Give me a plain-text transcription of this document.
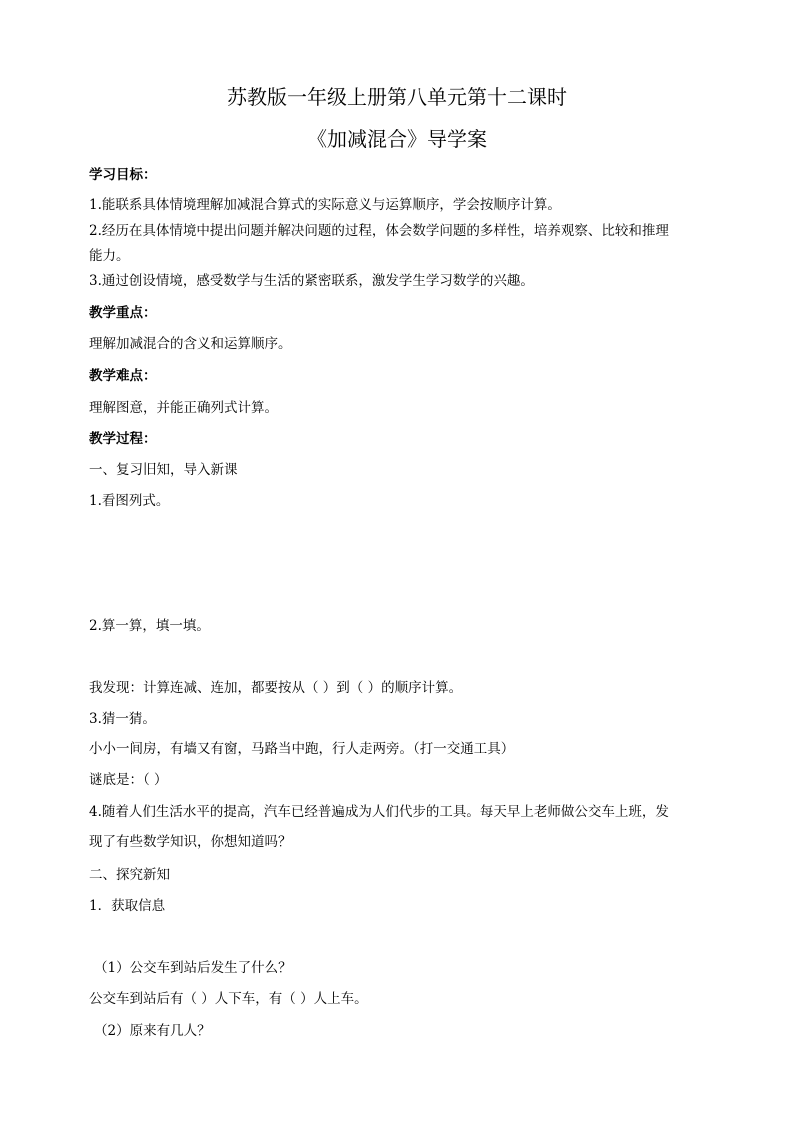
苏教版一年级上册第八单元第十二课时
《加减混合》导学案
学习目标：
1.能联系具体情境理解加减混合算式的实际意义与运算顺序，学会按顺序计算。
2.经历在具体情境中提出问题并解决问题的过程，体会数学问题的多样性，培养观察、比较和推理
能力。
3.通过创设情境，感受数学与生活的紧密联系，激发学生学习数学的兴趣。
教学重点：
理解加减混合的含义和运算顺序。
教学难点：
理解图意，并能正确列式计算。
教学过程：
一、复习旧知，导入新课
1.看图列式。
2.算一算，填一填。
我发现：计算连减、连加，都要按从（ ）到（ ）的顺序计算。
3.猜一猜。
小小一间房，有墙又有窗，马路当中跑，行人走两旁。（打一交通工具）
谜底是：（ ）
4.随着人们生活水平的提高，汽车已经普遍成为人们代步的工具。每天早上老师做公交车上班，发
现了有些数学知识，你想知道吗？
二、探究新知
1．获取信息
（1）公交车到站后发生了什么？
公交车到站后有（ ）人下车，有（ ）人上车。
（2）原来有几人？
